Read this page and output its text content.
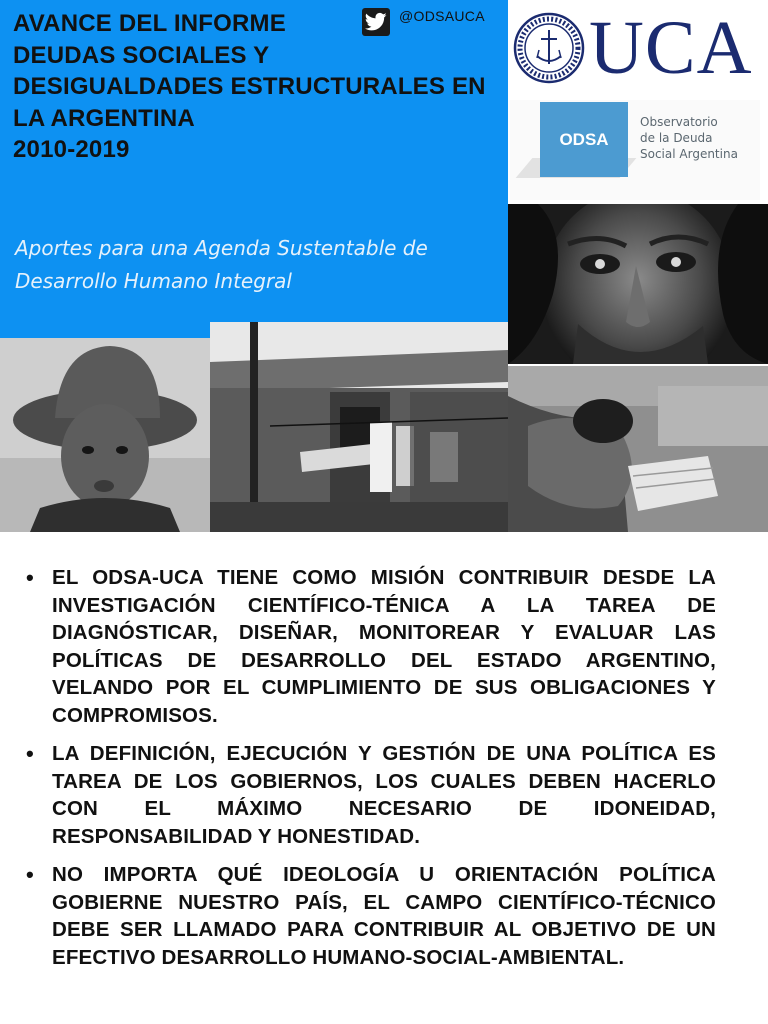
AVANCE DEL INFORME
DEUDAS SOCIALES Y
DESIGUALDADES ESTRUCTURALES EN
LA ARGENTINA
2010-2019
@ODSAUCA

Aportes para una Agenda Sustentable de
Desarrollo Humano Integral

UCA
ODSA
Observatorio
de la Deuda
Social Argentina
• EL ODSA-UCA TIENE COMO MISIÓN CONTRIBUIR DESDE LA INVESTIGACIÓN CIENTÍFICO-TÉNICA A LA TAREA DE DIAGNÓSTICAR, DISEÑAR, MONITOREAR Y EVALUAR LAS POLÍTICAS DE DESARROLLO DEL ESTADO ARGENTINO, VELANDO POR EL CUMPLIMIENTO DE SUS OBLIGACIONES Y COMPROMISOS.
• LA DEFINICIÓN, EJECUCIÓN Y GESTIÓN DE UNA POLÍTICA ES TAREA DE LOS GOBIERNOS, LOS CUALES DEBEN HACERLO CON EL MÁXIMO NECESARIO DE IDONEIDAD, RESPONSABILIDAD Y HONESTIDAD.
• NO IMPORTA QUÉ IDEOLOGÍA U ORIENTACIÓN POLÍTICA GOBIERNE NUESTRO PAÍS, EL CAMPO CIENTÍFICO-TÉCNICO DEBE SER LLAMADO PARA CONTRIBUIR AL OBJETIVO DE UN EFECTIVO DESARROLLO HUMANO-SOCIAL-AMBIENTAL.
